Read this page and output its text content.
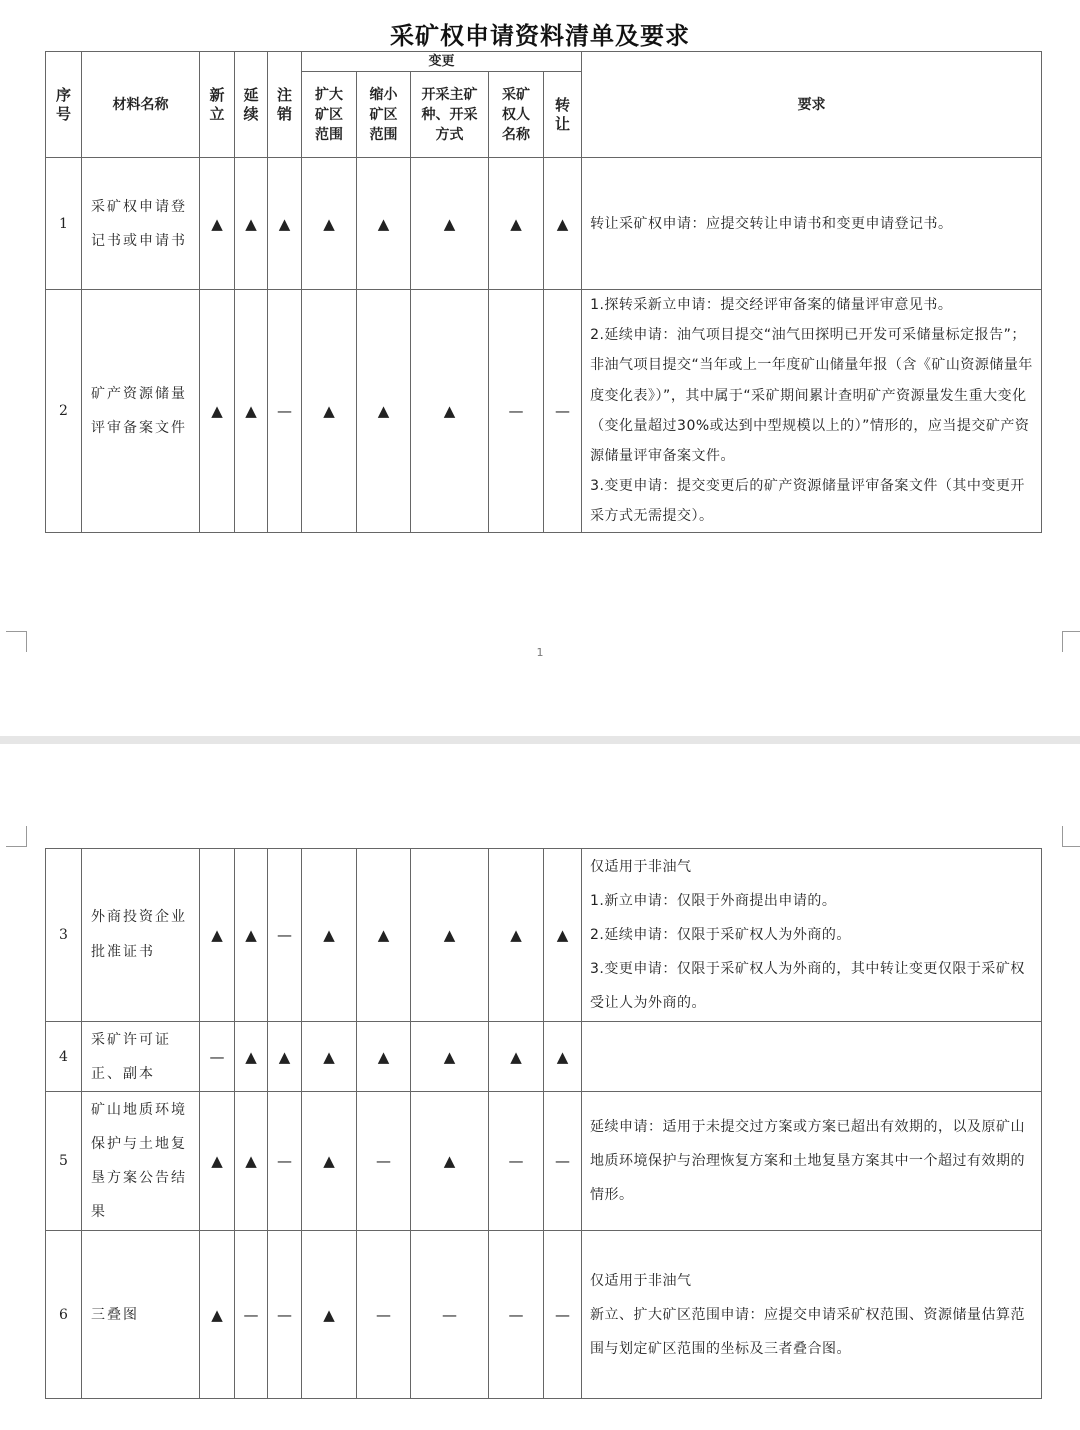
采矿权申请资料清单及要求
序号	材料名称	新立	延续	注销	变更					要求
					扩大矿区范围	缩小矿区范围	开采主矿种、开采方式	采矿权人名称	转让	
1	采矿权申请登记书或申请书	▲	▲	▲	▲	▲	▲	▲	▲	转让采矿权申请：应提交转让申请书和变更申请登记书。

2	矿产资源储量评审备案文件	▲	▲	—	▲	▲	▲	—	—	1.探转采新立申请：提交经评审备案的储量评审意见书。

2.延续申请：油气项目提交“油气田探明已开发可采储量标定报告”；非油气项目提交“当年或上一年度矿山储量年报（含《矿山资源储量年度变化表》）”，其中属于“采矿期间累计查明矿产资源量发生重大变化（变化量超过30%或达到中型规模以上的）”情形的，应当提交矿产资源储量评审备案文件。

3.变更申请：提交变更后的矿产资源储量评审备案文件（其中变更开采方式无需提交）。

1
3	外商投资企业批准证书	▲	▲	—	▲	▲	▲	▲	▲	仅适用于非油气

1.新立申请：仅限于外商提出申请的。

2.延续申请：仅限于采矿权人为外商的。

3.变更申请：仅限于采矿权人为外商的，其中转让变更仅限于采矿权受让人为外商的。

4	采矿许可证正、副本	—	▲	▲	▲	▲	▲	▲	▲	
5	矿山地质环境保护与土地复垦方案公告结果	▲	▲	—	▲	—	▲	—	—	延续申请：适用于未提交过方案或方案已超出有效期的，以及原矿山地质环境保护与治理恢复方案和土地复垦方案其中一个超过有效期的情形。

6	三叠图	▲	—	—	▲	—	—	—	—	仅适用于非油气

新立、扩大矿区范围申请：应提交申请采矿权范围、资源储量估算范围与划定矿区范围的坐标及三者叠合图。
